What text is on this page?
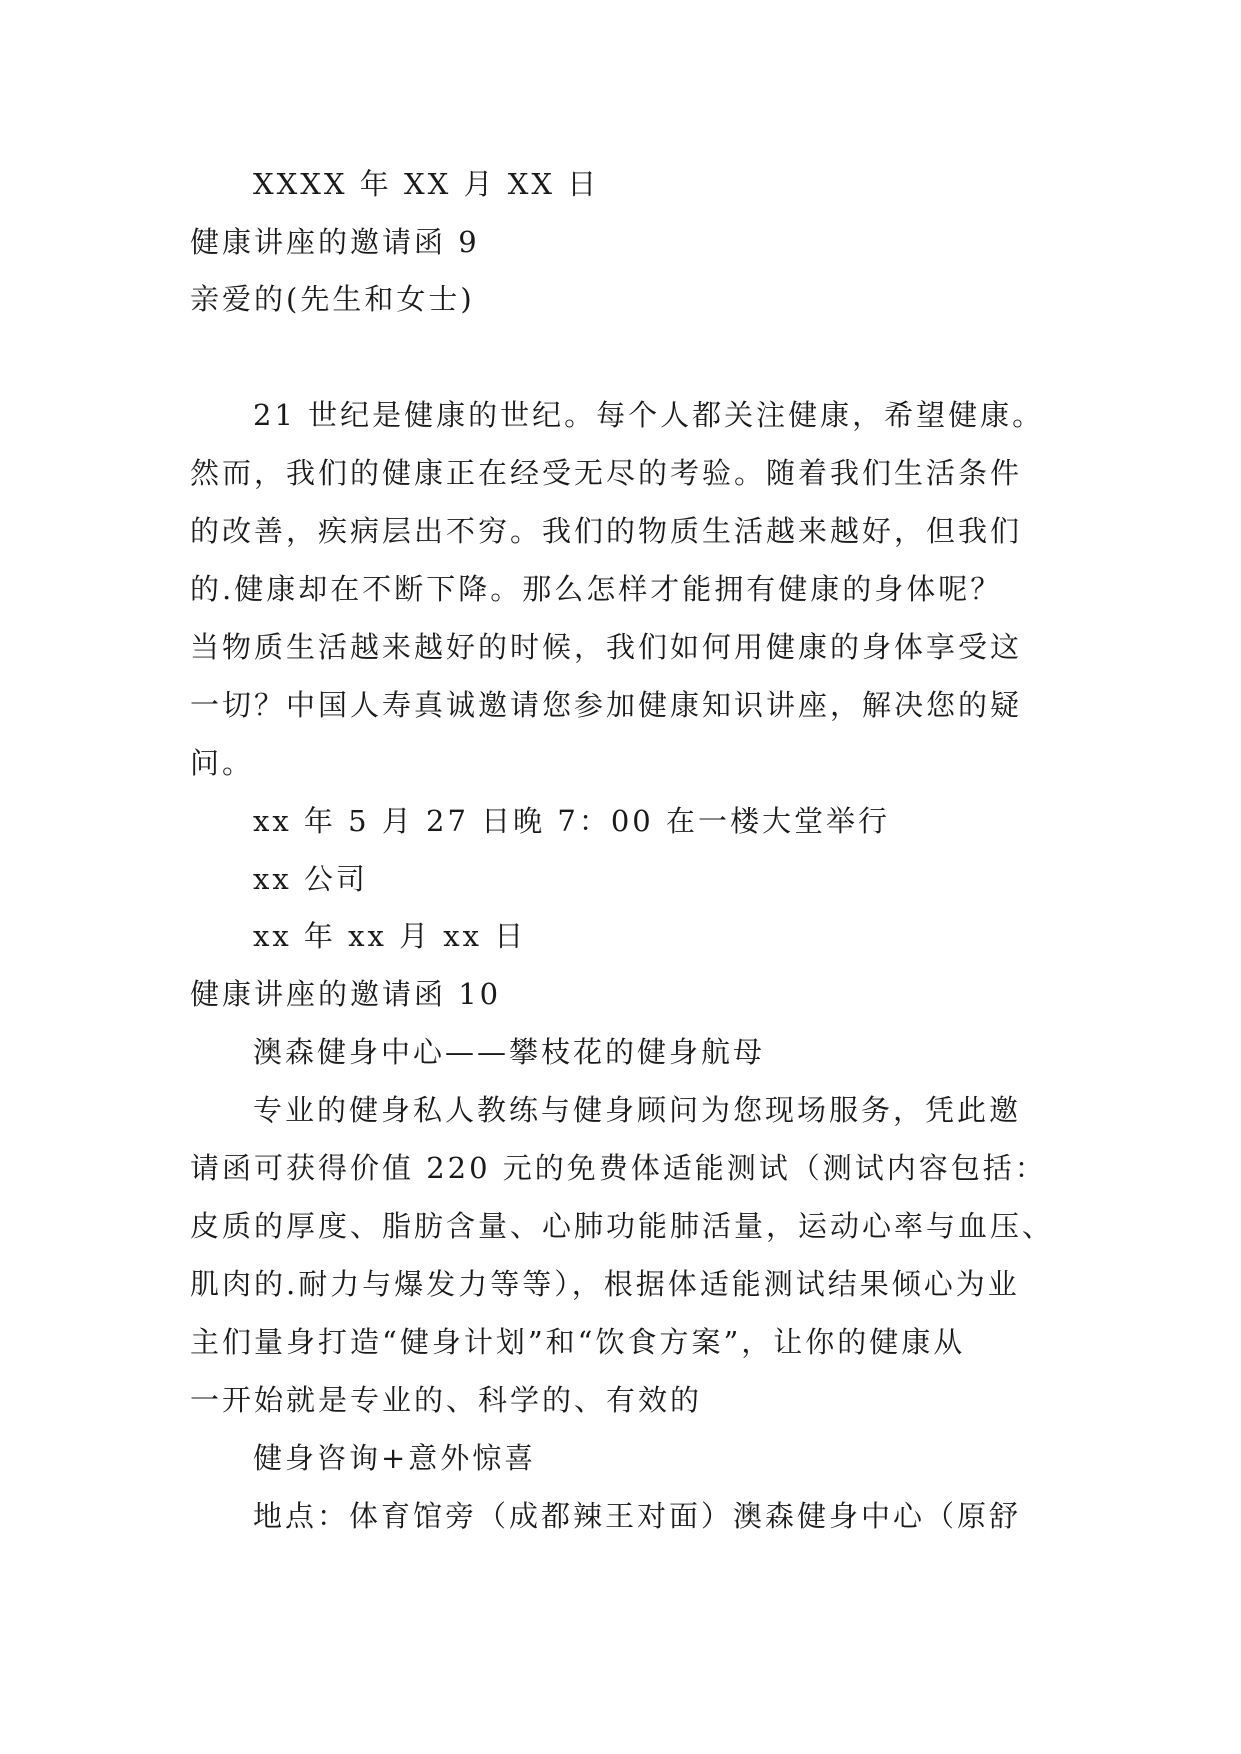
XXXX 年 XX 月 XX 日
健康讲座的邀请函 9
亲爱的(先生和女士)
21 世纪是健康的世纪。每个人都关注健康，希望健康。
然而，我们的健康正在经受无尽的考验。随着我们生活条件
的改善，疾病层出不穷。我们的物质生活越来越好，但我们
的.健康却在不断下降。那么怎样才能拥有健康的身体呢？
当物质生活越来越好的时候，我们如何用健康的身体享受这
一切？中国人寿真诚邀请您参加健康知识讲座，解决您的疑
问。
xx 年 5 月 27 日晚 7：00 在一楼大堂举行
xx 公司
xx 年 xx 月 xx 日
健康讲座的邀请函 10
澳森健身中心——攀枝花的健身航母
专业的健身私人教练与健身顾问为您现场服务，凭此邀
请函可获得价值 220 元的免费体适能测试（测试内容包括：
皮质的厚度、脂肪含量、心肺功能肺活量，运动心率与血压、
肌肉的.耐力与爆发力等等），根据体适能测试结果倾心为业
主们量身打造“健身计划”和“饮食方案”，让你的健康从
一开始就是专业的、科学的、有效的
健身咨询+意外惊喜
地点：体育馆旁（成都辣王对面）澳森健身中心（原舒
